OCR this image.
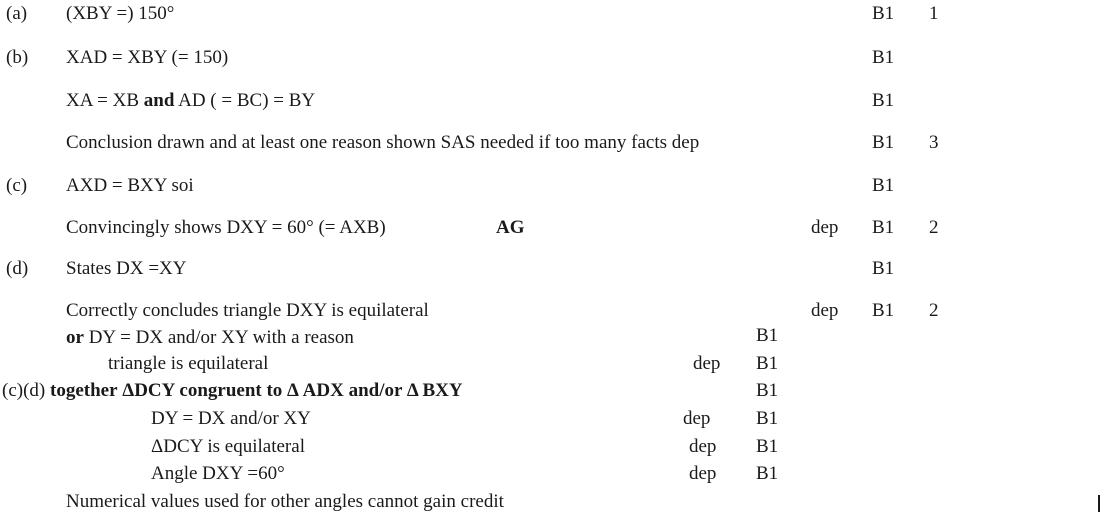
(a) (XBY =) 150°	B1 1
(b) XAD = XBY (= 150)	B1
XA = XB and AD ( = BC) = BY	B1
Conclusion drawn and at least one reason shown SAS needed if too many facts dep	B1 3
(c) AXD = BXY soi	B1
Convincingly shows DXY = 60° (= AXB)	AG	dep B1 2
(d) States DX =XY	B1
Correctly concludes triangle DXY is equilateral	dep B1 2
or DY = DX and/or XY with a reason	B1
triangle is equilateral	dep B1
(c)(d) together ΔDCY congruent to Δ ADX and/or Δ BXY	B1
DY = DX and/or XY	dep B1
ΔDCY is equilateral	dep B1
Angle DXY =60°	dep B1
Numerical values used for other angles cannot gain credit
